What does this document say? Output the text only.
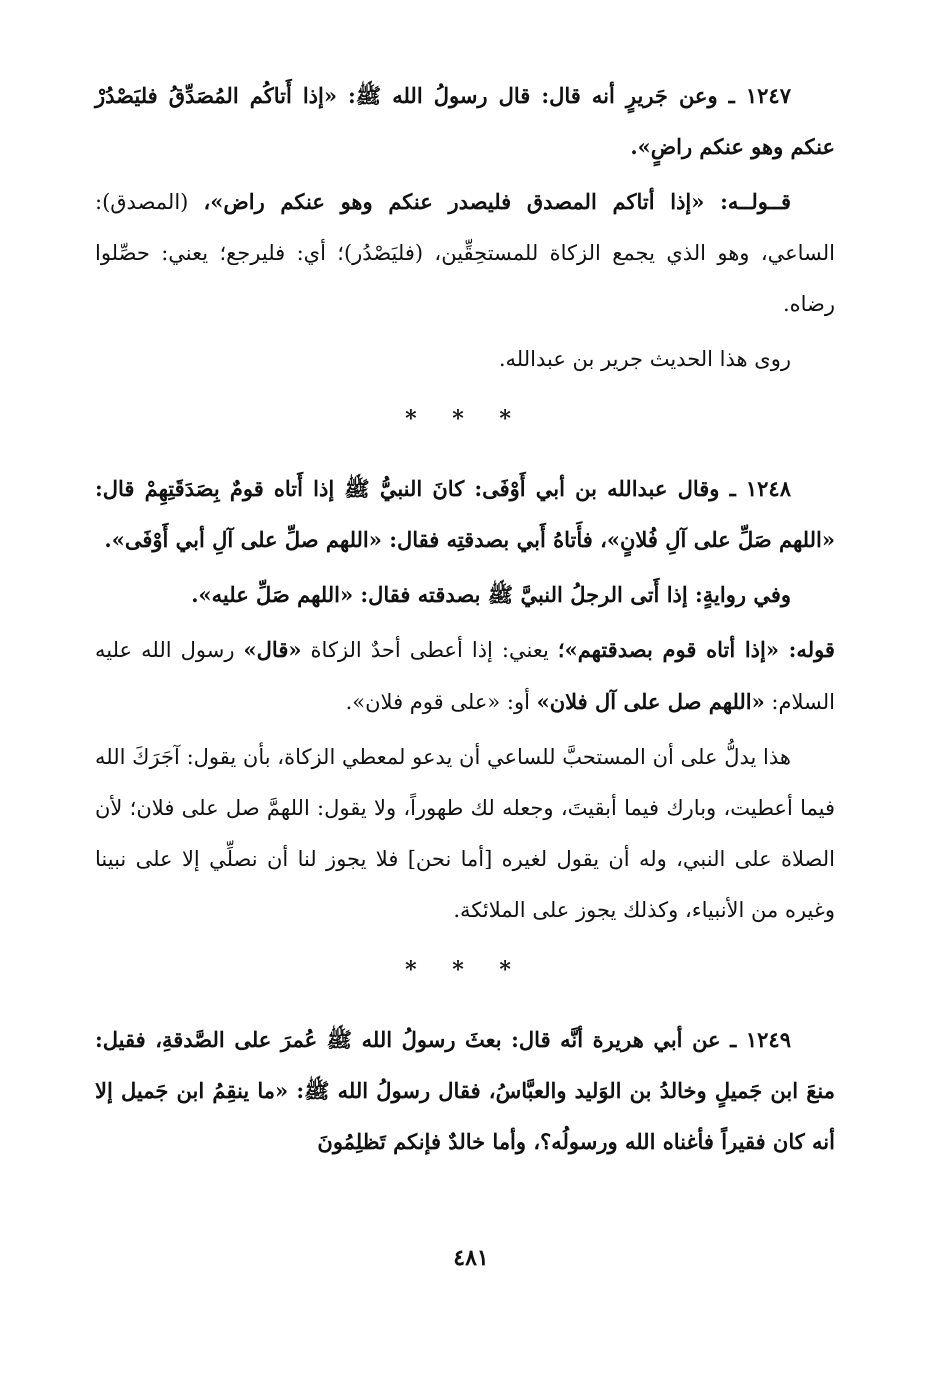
١٢٤٧ ـ وعن جَريرٍ أنه قال: قال رسولُ الله ﷺ: «إذا أَتاكُم المُصَدِّقُ فليَصْدُرْ عنكم وهو عنكم راضٍ».

قــولــه: «إذا أتاكم المصدق فليصدر عنكم وهو عنكم راض»، (المصدق): الساعي، وهو الذي يجمع الزكاة للمستحِقِّين، (فليَصْدُر)؛ أي: فليرجع؛ يعني: حصِّلوا رضاه.

روى هذا الحديث جرير بن عبدالله.

* * *

١٢٤٨ ـ وقال عبدالله بن أبي أَوْفَى: كانَ النبيُّ ﷺ إذا أَتاه قومٌ بِصَدَقَتِهِمْ قال: «اللهم صَلِّ على آلِ فُلانٍ»، فأَتاهُ أَبي بصدقتِه فقال: «اللهم صلِّ على آلِ أبي أَوْفَى».

وفي روايةٍ: إذا أَتى الرجلُ النبيَّ ﷺ بصدقته فقال: «اللهم صَلِّ عليه».

قوله: «إذا أتاه قوم بصدقتهم»؛ يعني: إذا أعطى أحدٌ الزكاة «قال» رسول الله عليه السلام: «اللهم صل على آل فلان» أو: «على قوم فلان».

هذا يدلُّ على أن المستحبَّ للساعي أن يدعو لمعطي الزكاة، بأن يقول: آجَرَكَ الله فيما أعطيت، وبارك فيما أبقيتَ، وجعله لك طهوراً، ولا يقول: اللهمَّ صل على فلان؛ لأن الصلاة على النبي، وله أن يقول لغيره [أما نحن] فلا يجوز لنا أن نصلِّي إلا على نبينا وغيره من الأنبياء، وكذلك يجوز على الملائكة.

* * *

١٢٤٩ ـ عن أبي هريرة أنَّه قال: بعثَ رسولُ الله ﷺ عُمرَ على الصَّدقةِ، فقيل: منعَ ابن جَميلٍ وخالدُ بن الوَليد والعبَّاسُ، فقال رسولُ الله ﷺ: «ما ينقِمُ ابن جَميل إلا أنه كان فقيراً فأغناه الله ورسولُه؟، وأما خالدٌ فإنكم تَظلِمُونَ

٤٨١
